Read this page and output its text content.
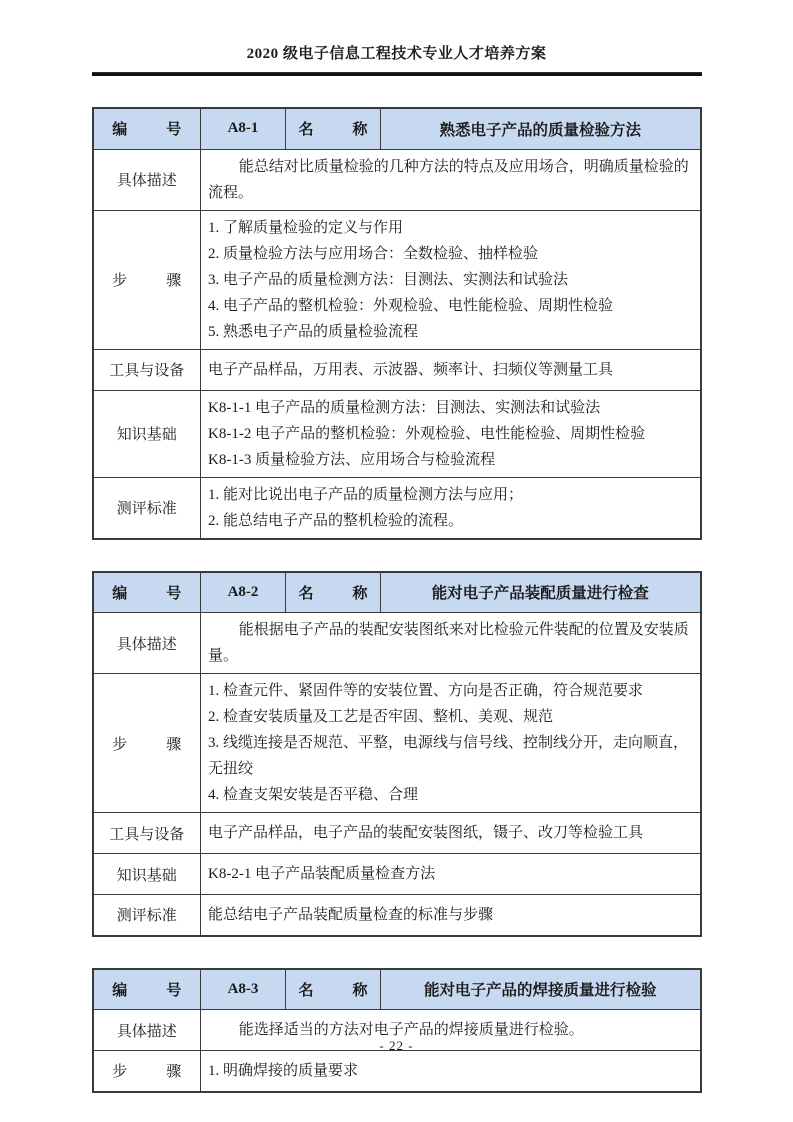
2020 级电子信息工程技术专业人才培养方案
编号	A8-1	名称	熟悉电子产品的质量检验方法
具体描述	能总结对比质量检验的几种方法的特点及应用场合，明确质量检验的流程。		

步骤	1. 了解质量检验的定义与作用
2. 质量检验方法与应用场合：全数检验、抽样检验
3. 电子产品的质量检测方法：目测法、实测法和试验法
4. 电子产品的整机检验：外观检验、电性能检验、周期性检验
5. 熟悉电子产品的质量检验流程		

工具与设备	电子产品样品，万用表、示波器、频率计、扫频仪等测量工具		
知识基础	K8-1-1 电子产品的质量检测方法：目测法、实测法和试验法
K8-1-2 电子产品的整机检验：外观检验、电性能检验、周期性检验
K8-1-3 质量检验方法、应用场合与检验流程		

测评标准	1. 能对比说出电子产品的质量检测方法与应用；
2. 能总结电子产品的整机检验的流程。		
编号	A8-2	名称	能对电子产品装配质量进行检查
具体描述	能根据电子产品的装配安装图纸来对比检验元件装配的位置及安装质量。		

步骤	1. 检查元件、紧固件等的安装位置、方向是否正确，符合规范要求
2. 检查安装质量及工艺是否牢固、整机、美观、规范
3. 线缆连接是否规范、平整，电源线与信号线、控制线分开，走向顺直，无扭绞
4. 检查支架安装是否平稳、合理		

工具与设备	电子产品样品，电子产品的装配安装图纸，镊子、改刀等检验工具		
知识基础	K8-2-1 电子产品装配质量检查方法		
测评标准	能总结电子产品装配质量检查的标准与步骤		
编号	A8-3	名称	能对电子产品的焊接质量进行检验
具体描述	能选择适当的方法对电子产品的焊接质量进行检验。		

步骤	1. 明确焊接的质量要求		
- 22 -
